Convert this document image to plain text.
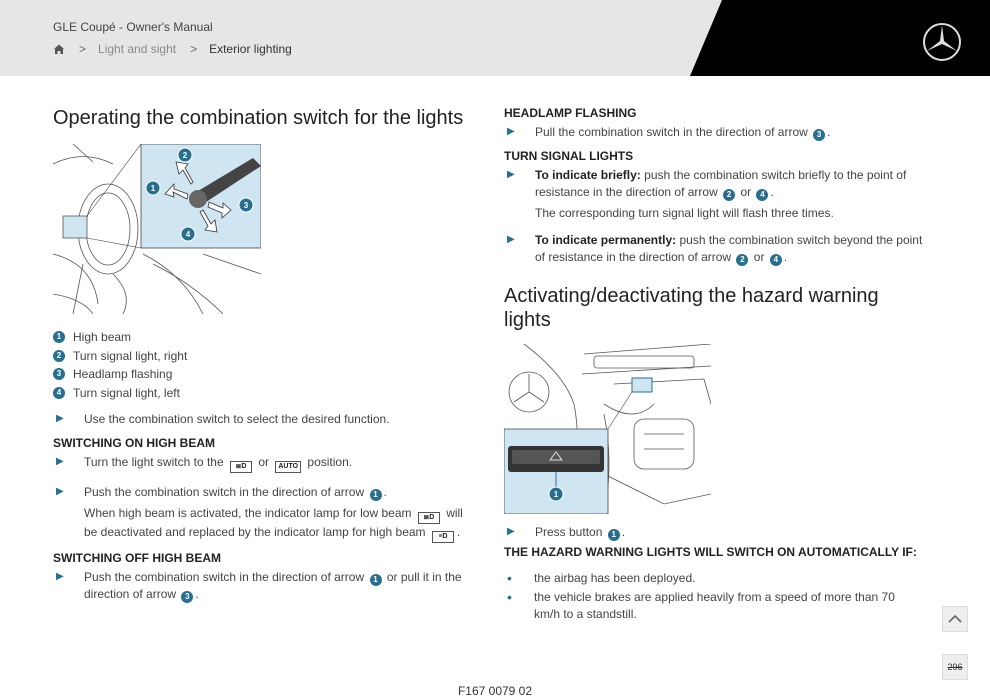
GLE Coupé - Owner's Manual
> Light and sight > Exterior lighting
Operating the combination switch for the lights
2
1
3
4
1 High beam
2 Turn signal light, right
3 Headlamp flashing
4 Turn signal light, left
▶	Use the combination switch to select the desired function.
SWITCHING ON HIGH BEAM
▶	Turn the light switch to the ≣D or AUTO position.
▶	Push the combination switch in the direction of arrow 1 .

When high beam is activated, the indicator lamp for low beam ≣D will be deactivated and replaced by the indicator lamp for high beam ≡D .

SWITCHING OFF HIGH BEAM
▶	Push the combination switch in the direction of arrow 1 or pull it in the direction of arrow 3 .
HEADLAMP FLASHING
▶	Pull the combination switch in the direction of arrow 3 .
TURN SIGNAL LIGHTS
▶	To indicate briefly: push the combination switch briefly to the point of resistance in the direction of arrow 2 or 4 .

The corresponding turn signal light will flash three times.

▶	To indicate permanently: push the combination switch beyond the point of resistance in the direction of arrow 2 or 4 .
Activating/deactivating the hazard warning lights
1
▶	Press button 1 .
THE HAZARD WARNING LIGHTS WILL SWITCH ON AUTOMATICALLY IF:
•	the airbag has been deployed.
•	the vehicle brakes are applied heavily from a speed of more than 70 km/h to a standstill.
296
F167 0079 02
